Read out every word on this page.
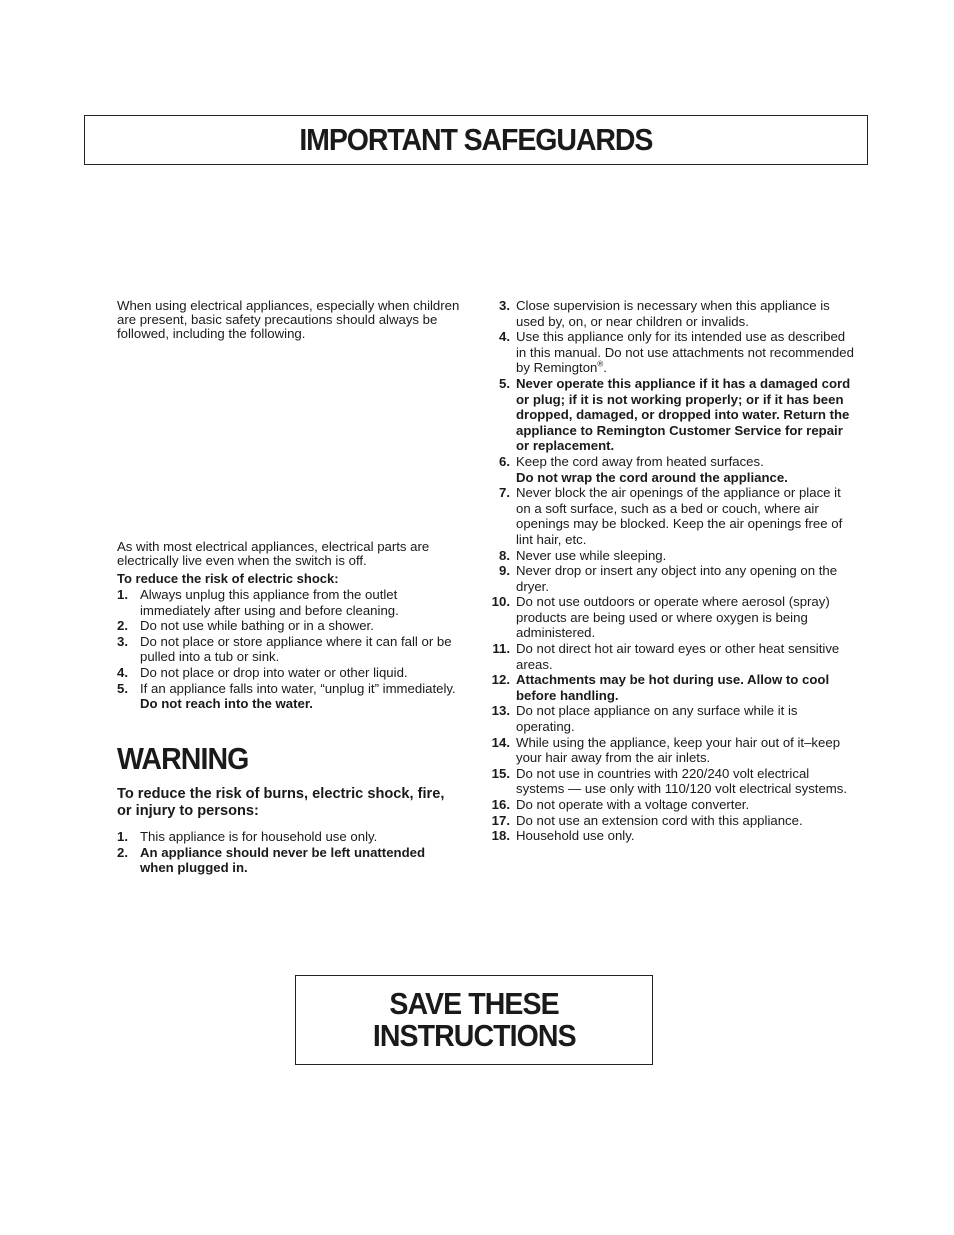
IMPORTANT SAFEGUARDS

When using electrical appliances, especially when children are present, basic safety precautions should always be followed, including the following.

As with most electrical appliances, electrical parts are electrically live even when the switch is off.

To reduce the risk of electric shock:

1. Always unplug this appliance from the outlet immediately after using and before cleaning.
2. Do not use while bathing or in a shower.
3. Do not place or store appliance where it can fall or be pulled into a tub or sink.
4. Do not place or drop into water or other liquid.
5. If an appliance falls into water, “unplug it” immediately. Do not reach into the water.
WARNING

To reduce the risk of burns, electric shock, fire, or injury to persons:

1. This appliance is for household use only.
2. An appliance should never be left unattended when plugged in.
3. Close supervision is necessary when this appliance is used by, on, or near children or invalids.
4. Use this appliance only for its intended use as described in this manual. Do not use attachments not recommended by Remington®.
5. Never operate this appliance if it has a damaged cord or plug; if it is not working properly; or if it has been dropped, damaged, or dropped into water. Return the appliance to Remington Customer Service for repair or replacement.
6. Keep the cord away from heated surfaces.
Do not wrap the cord around the appliance.
7. Never block the air openings of the appliance or place it on a soft surface, such as a bed or couch, where air openings may be blocked. Keep the air openings free of lint hair, etc.
8. Never use while sleeping.
9. Never drop or insert any object into any opening on the dryer.
10. Do not use outdoors or operate where aerosol (spray) products are being used or where oxygen is being administered.
11. Do not direct hot air toward eyes or other heat sensitive areas.
12. Attachments may be hot during use. Allow to cool before handling.
13. Do not place appliance on any surface while it is operating.
14. While using the appliance, keep your hair out of it–keep your hair away from the air inlets.
15. Do not use in countries with 220/240 volt electrical systems — use only with 110/120 volt electrical systems.
16. Do not operate with a voltage converter.
17. Do not use an extension cord with this appliance.
18. Household use only.
SAVE THESE
INSTRUCTIONS
